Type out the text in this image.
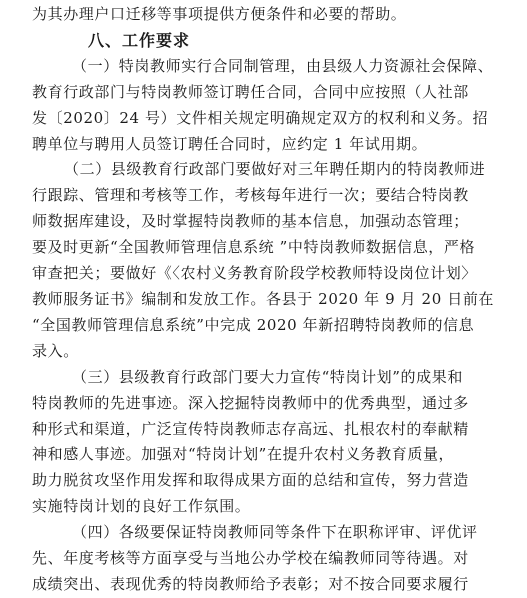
为其办理户口迁移等事项提供方便条件和必要的帮助。
八、工作要求
（一）特岗教师实行合同制管理，由县级人力资源社会保障、
教育行政部门与特岗教师签订聘任合同，合同中应按照（人社部
发〔2020〕24 号）文件相关规定明确规定双方的权利和义务。招
聘单位与聘用人员签订聘任合同时，应约定 1 年试用期。
（二）县级教育行政部门要做好对三年聘任期内的特岗教师进
行跟踪、管理和考核等工作，考核每年进行一次；要结合特岗教
师数据库建设，及时掌握特岗教师的基本信息，加强动态管理；
要及时更新“全国教师管理信息系统 ”中特岗教师数据信息，严格
审查把关；要做好《〈农村义务教育阶段学校教师特设岗位计划〉
教师服务证书》编制和发放工作。各县于 2020 年 9 月 20 日前在
“全国教师管理信息系统”中完成 2020 年新招聘特岗教师的信息
录入。
（三）县级教育行政部门要大力宣传“特岗计划”的成果和
特岗教师的先进事迹。深入挖掘特岗教师中的优秀典型，通过多
种形式和渠道，广泛宣传特岗教师志存高远、扎根农村的奉献精
神和感人事迹。加强对“特岗计划”在提升农村义务教育质量，
助力脱贫攻坚作用发挥和取得成果方面的总结和宣传，努力营造
实施特岗计划的良好工作氛围。
（四）各级要保证特岗教师同等条件下在职称评审、评优评
先、年度考核等方面享受与当地公办学校在编教师同等待遇。对
成绩突出、表现优秀的特岗教师给予表彰；对不按合同要求履行
